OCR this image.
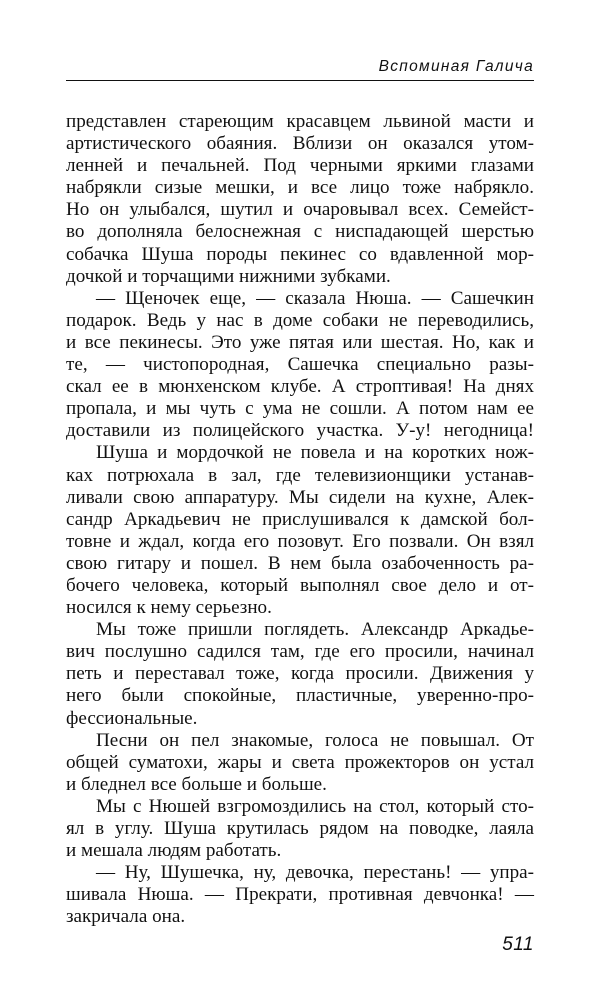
Вспоминая Галича

представлен стареющим красавцем львиной масти и
артистического обаяния. Вблизи он оказался утом-
ленней и печальней. Под черными яркими глазами
набрякли сизые мешки, и все лицо тоже набрякло.
Но он улыбался, шутил и очаровывал всех. Семейст-
во дополняла белоснежная с ниспадающей шерстью
собачка Шуша породы пекинес со вдавленной мор-
дочкой и торчащими нижними зубками.

— Щеночек еще, — сказала Нюша. — Сашечкин
подарок. Ведь у нас в доме собаки не переводились,
и все пекинесы. Это уже пятая или шестая. Но, как и
те, — чистопородная, Сашечка специально разы-
скал ее в мюнхенском клубе. А строптивая! На днях
пропала, и мы чуть с ума не сошли. А потом нам ее
доставили из полицейского участка. У-у! негодница!

Шуша и мордочкой не повела и на коротких нож-
ках потрюхала в зал, где телевизионщики устанав-
ливали свою аппаратуру. Мы сидели на кухне, Алек-
сандр Аркадьевич не прислушивался к дамской бол-
товне и ждал, когда его позовут. Его позвали. Он взял
свою гитару и пошел. В нем была озабоченность ра-
бочего человека, который выполнял свое дело и от-
носился к нему серьезно.

Мы тоже пришли поглядеть. Александр Аркадье-
вич послушно садился там, где его просили, начинал
петь и переставал тоже, когда просили. Движения у
него были спокойные, пластичные, уверенно-про-
фессиональные.

Песни он пел знакомые, голоса не повышал. От
общей суматохи, жары и света прожекторов он устал
и бледнел все больше и больше.

Мы с Нюшей взгромоздились на стол, который сто-
ял в углу. Шуша крутилась рядом на поводке, лаяла
и мешала людям работать.

— Ну, Шушечка, ну, девочка, перестань! — упра-
шивала Нюша. — Прекрати, противная девчонка! —
закричала она.

511
